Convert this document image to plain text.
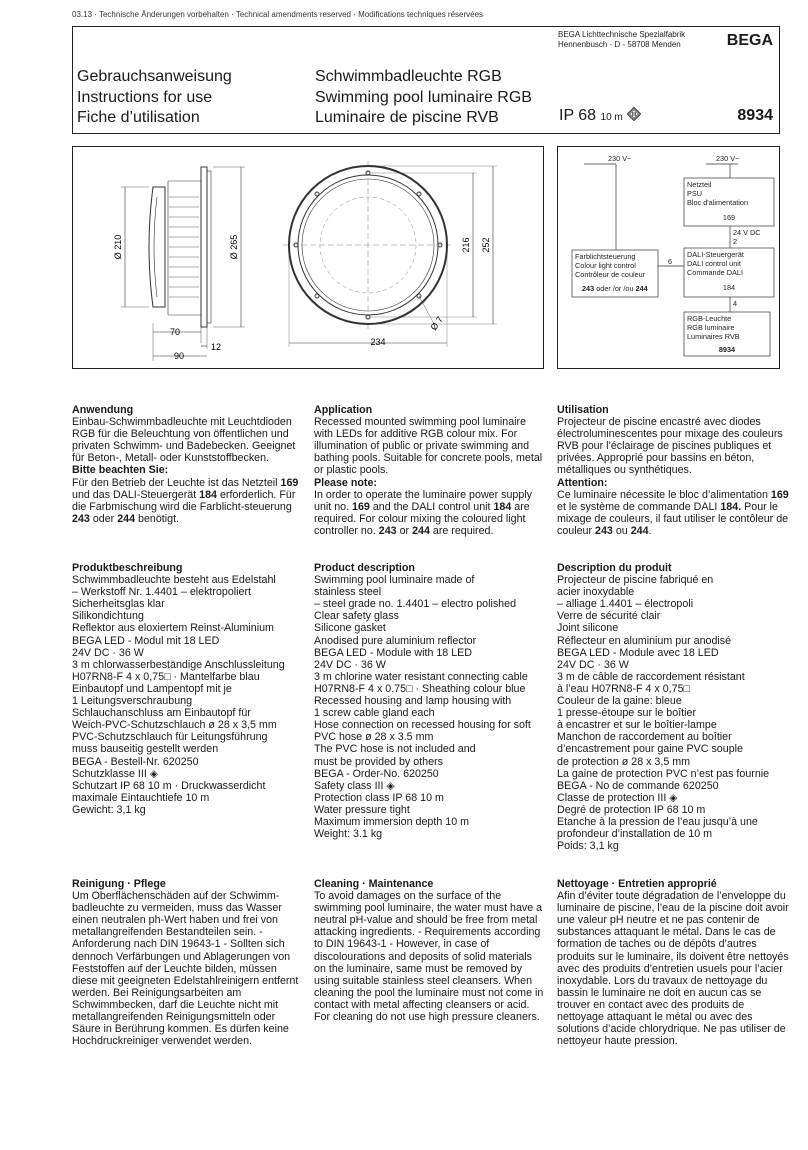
03.13 · Technische Änderungen vorbehalten · Technical amendments reserved · Modifications techniques réservées
BEGA Lichttechnische Spezialfabrik
Hennenbusch · D - 58708 Menden	BEGA
Gebrauchsanweisung
Instructions for use
Fiche d’utilisation
Schwimmbadleuchte RGB
Swimming pool luminaire RGB
Luminaire de piscine RVB	IP 68 10 m	8934
Ø 210	Ø 265
70
12
90
216 252
234
Ø 7
230 V~	230 V~
Netzteil
PSU
Bloc d'alimentation
169
24 V DC
2
Farblichtsteuerung
Colour light control
Contrôleur de couleur
243 oder /or /ou 244
6
DALI-Steuergerät
DALI control unit
Commande DALI
184
4
RGB-Leuchte
RGB luminaire
Luminaires RVB
8934
Anwendung

Einbau-Schwimmbadleuchte mit Leuchtdioden RGB für die Beleuchtung von öffentlichen und privaten Schwimm- und Badebecken. Geeignet für Beton-, Metall- oder Kunststoffbecken.

Bitte beachten Sie:

Für den Betrieb der Leuchte ist das Netzteil 169 und das DALI-Steuergerät 184 erforderlich. Für die Farbmischung wird die Farblicht-steuerung 243 oder 244 benötigt.

Application

Recessed mounted swimming pool luminaire with LEDs for additive RGB colour mix. For illumination of public or private swimming and bathing pools. Suitable for concrete pools, metal or plastic pools.

Please note:

In order to operate the luminaire power supply unit no. 169 and the DALI control unit 184 are required. For colour mixing the coloured light controller no. 243 or 244 are required.

Utilisation

Projecteur de piscine encastré avec diodes électroluminescentes pour mixage des couleurs RVB pour l’éclairage de piscines publiques et privées. Approprié pour bassins en béton, métalliques ou synthétiques.

Attention:

Ce luminaire nécessite le bloc d’alimentation 169 et le système de commande DALI 184. Pour le mixage de couleurs, il faut utiliser le contôleur de couleur 243 ou 244.

Produktbeschreibung
Schwimmbadleuchte besteht aus Edelstahl
– Werkstoff Nr. 1.4401 – elektropoliert
Sicherheitsglas klar
Silikondichtung
Reflektor aus eloxiertem Reinst-Aluminium
BEGA LED - Modul mit 18 LED
24V DC · 36 W
3 m chlorwasserbeständige Anschlussleitung
H07RN8-F 4 x 0,75□ · Mantelfarbe blau
Einbautopf und Lampentopf mit je
1 Leitungsverschraubung
Schlauchanschluss am Einbautopf für
Weich-PVC-Schutzschlauch ø 28 x 3,5 mm
PVC-Schutzschlauch für Leitungsführung
muss bauseitig gestellt werden
BEGA - Bestell-Nr. 620250
Schutzklasse III ◈
Schutzart IP 68 10 m · Druckwasserdicht
maximale Eintauchtiefe 10 m
Gewicht: 3,1 kg
Product description
Swimming pool luminaire made of
stainless steel
– steel grade no. 1.4401 – electro polished
Clear safety glass
Silicone gasket
Anodised pure aluminium reflector
BEGA LED - Module with 18 LED
24V DC · 36 W
3 m chlorine water resistant connecting cable
H07RN8-F 4 x 0.75□ · Sheathing colour blue
Recessed housing and lamp housing with
1 screw cable gland each
Hose connection on recessed housing for soft
PVC hose ø 28 x 3.5 mm
The PVC hose is not included and
must be provided by others
BEGA - Order-No. 620250
Safety class III ◈
Protection class IP 68 10 m
Water pressure tight
Maximum immersion depth 10 m
Weight: 3.1 kg
Description du produit
Projecteur de piscine fabriqué en
acier inoxydable
– alliage 1.4401 – électropoli
Verre de sécurité clair
Joint silicone
Réflecteur en aluminium pur anodisé
BEGA LED - Module avec 18 LED
24V DC · 36 W
3 m de câble de raccordement résistant
à l’eau H07RN8-F 4 x 0,75□
Couleur de la gaine: bleue
1 presse-étoupe sur le boîtier
à encastrer et sur le boîtier-lampe
Manchon de raccordement au boîtier
d’encastrement pour gaine PVC souple
de protection ø 28 x 3,5 mm
La gaine de protection PVC n’est pas fournie
BEGA - No de commande 620250
Classe de protection III ◈
Degré de protection IP 68 10 m
Etanche à la pression de l’eau jusqu’à une
profondeur d’installation de 10 m
Poids: 3,1 kg
Reinigung · Pflege

Um Oberflächenschäden auf der Schwimm-badleuchte zu vermeiden, muss das Wasser einen neutralen ph-Wert haben und frei von metallangreifenden Bestandteilen sein. - Anforderung nach DIN 19643-1 - Sollten sich dennoch Verfärbungen und Ablagerungen von Feststoffen auf der Leuchte bilden, müssen diese mit geeigneten Edelstahlreinigern entfernt werden. Bei Reinigungsarbeiten am Schwimmbecken, darf die Leuchte nicht mit metallangreifenden Reinigungsmitteln oder Säure in Berührung kommen. Es dürfen keine Hochdruckreiniger verwendet werden.

Cleaning · Maintenance

To avoid damages on the surface of the swimming pool luminaire, the water must have a neutral pH-value and should be free from metal attacking ingredients. - Requirements according to DIN 19643-1 - However, in case of discolourations and deposits of solid materials on the luminaire, same must be removed by using suitable stainless steel cleansers. When cleaning the pool the luminaire must not come in contact with metal affecting cleansers or acid. For cleaning do not use high pressure cleaners.

Nettoyage · Entretien approprié

Afin d’éviter toute dégradation de l’enveloppe du luminaire de piscine, l’eau de la piscine doit avoir une valeur pH neutre et ne pas contenir de substances attaquant le métal. Dans le cas de formation de taches ou de dépôts d’autres produits sur le luminaire, ils doivent être nettoyés avec des produits d’entretien usuels pour l’acier inoxydable. Lors du travaux de nettoyage du bassin le luminaire ne doit en aucun cas se trouver en contact avec des produits de nettoyage attaquant le métal ou avec des solutions d’acide chlorydrique. Ne pas utiliser de nettoyeur haute pression.
